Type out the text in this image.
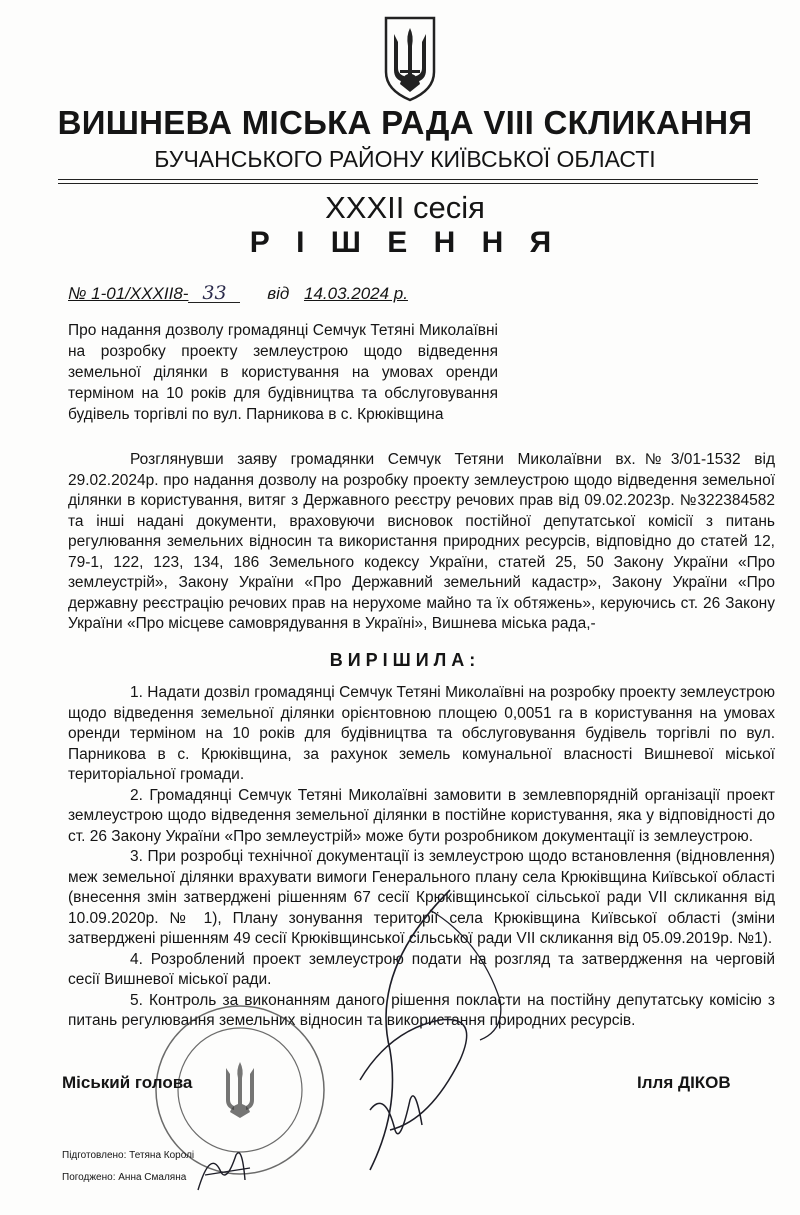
ВИШНЕВА МІСЬКА РАДА VIІІ СКЛИКАННЯ
БУЧАНСЬКОГО РАЙОНУ КИЇВСЬКОЇ ОБЛАСТІ
XXXII сесія
Р І Ш Е Н Н Я
№ 1-01/XXXII8- 33 від 14.03.2024 р.
Про надання дозволу громадянці Семчук Тетяні Миколаївні на розробку проекту землеустрою щодо відведення земельної ділянки в користування на умовах оренди терміном на 10 років для будівництва та обслуговування будівель торгівлі по вул. Парникова в с. Крюківщина
Розглянувши заяву громадянки Семчук Тетяни Миколаївни вх.№3/01-1532 від 29.02.2024р. про надання дозволу на розробку проекту землеустрою щодо відведення земельної ділянки в користування, витяг з Державного реєстру речових прав від 09.02.2023р. №322384582 та інші надані документи, враховуючи висновок постійної депутатської комісії з питань регулювання земельних відносин та використання природних ресурсів, відповідно до статей 12, 79-1, 122, 123, 134, 186 Земельного кодексу України, статей 25, 50 Закону України «Про землеустрій», Закону України «Про Державний земельний кадастр», Закону України «Про державну реєстрацію речових прав на нерухоме майно та їх обтяжень», керуючись ст. 26 Закону України «Про місцеве самоврядування в Україні», Вишнева міська рада,-
ВИРІШИЛА:

1. Надати дозвіл громадянці Семчук Тетяні Миколаївні на розробку проекту землеустрою щодо відведення земельної ділянки орієнтовною площею 0,0051 га в користування на умовах оренди терміном на 10 років для будівництва та обслуговування будівель торгівлі по вул. Парникова в с. Крюківщина, за рахунок земель комунальної власності Вишневої міської територіальної громади.

2. Громадянці Семчук Тетяні Миколаївні замовити в землевпорядній організації проект землеустрою щодо відведення земельної ділянки в постійне користування, яка у відповідності до ст. 26 Закону України «Про землеустрій» може бути розробником документації із землеустрою.

3. При розробці технічної документації із землеустрою щодо встановлення (відновлення) меж земельної ділянки врахувати вимоги Генерального плану села Крюківщина Київської області (внесення змін затверджені рішенням 67 сесії Крюківщинської сільської ради VII скликання від 10.09.2020р. № 1), Плану зонування території села Крюківщина Київської області (зміни затверджені рішенням 49 сесії Крюківщинської сільської ради VII скликання від 05.09.2019р. №1).

4. Розроблений проект землеустрою подати на розгляд та затвердження на черговій сесії Вишневої міської ради.

5. Контроль за виконанням даного рішення покласти на постійну депутатську комісію з питань регулювання земельних відносин та використання природних ресурсів.

Міський голова	Ілля ДІКОВ
Підготовлено: Тетяна Королі
Погоджено: Анна Смаляна
